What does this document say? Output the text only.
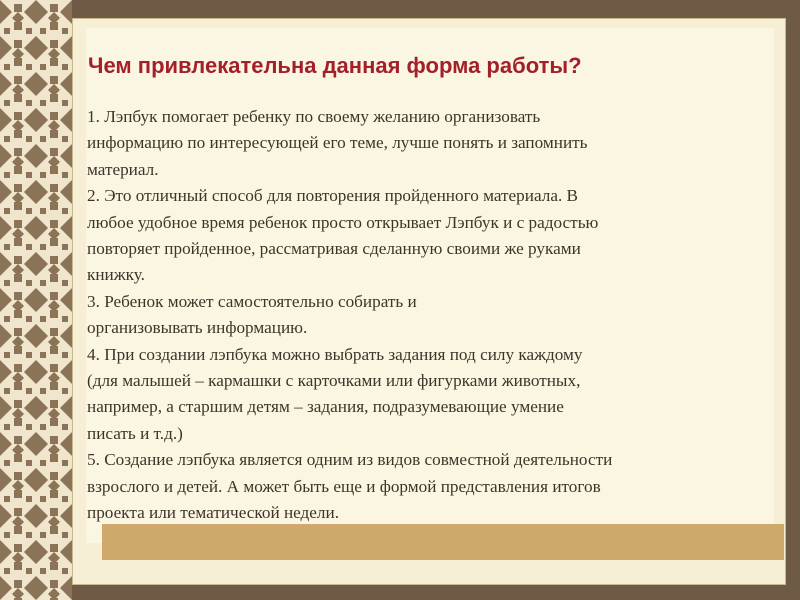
Чем привлекательна данная форма работы?

1. Лэпбук помогает ребенку по своему желанию организовать

информацию по интересующей его теме, лучше понять и запомнить

материал.

2. Это отличный способ для повторения пройденного материала. В

любое удобное время ребенок просто открывает Лэпбук и с радостью

повторяет пройденное, рассматривая сделанную своими же руками

книжку.

3. Ребенок может самостоятельно собирать и

организовывать информацию.

4. При создании лэпбука можно выбрать задания под силу каждому

(для малышей – кармашки с карточками или фигурками животных,

например, а старшим детям – задания, подразумевающие умение

писать и т.д.)

5. Создание лэпбука является одним из видов совместной деятельности

взрослого и детей. А может быть еще и формой представления итогов

проекта или тематической недели.
